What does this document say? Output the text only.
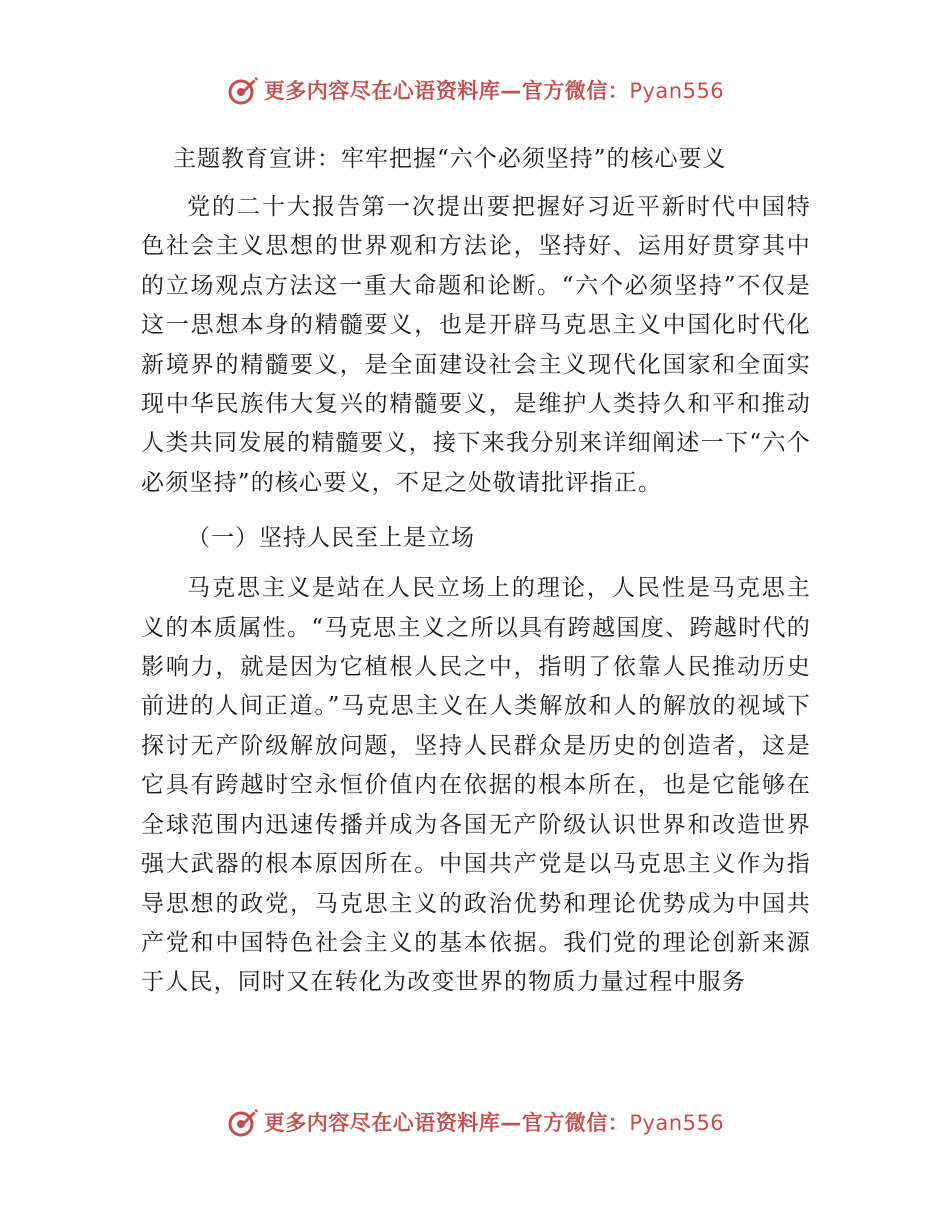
更多内容尽在心语资料库—官方微信：Pyan556
主题教育宣讲：牢牢把握“六个必须坚持”的核心要义

党的二十大报告第一次提出要把握好习近平新时代中国特色社会主义思想的世界观和方法论，坚持好、运用好贯穿其中的立场观点方法这一重大命题和论断。“六个必须坚持”不仅是这一思想本身的精髓要义，也是开辟马克思主义中国化时代化新境界的精髓要义，是全面建设社会主义现代化国家和全面实现中华民族伟大复兴的精髓要义，是维护人类持久和平和推动人类共同发展的精髓要义，接下来我分别来详细阐述一下“六个必须坚持”的核心要义，不足之处敬请批评指正。

（一）坚持人民至上是立场

马克思主义是站在人民立场上的理论，人民性是马克思主义的本质属性。“马克思主义之所以具有跨越国度、跨越时代的影响力，就是因为它植根人民之中，指明了依靠人民推动历史前进的人间正道。”马克思主义在人类解放和人的解放的视域下探讨无产阶级解放问题，坚持人民群众是历史的创造者，这是它具有跨越时空永恒价值内在依据的根本所在，也是它能够在全球范围内迅速传播并成为各国无产阶级认识世界和改造世界强大武器的根本原因所在。中国共产党是以马克思主义作为指导思想的政党，马克思主义的政治优势和理论优势成为中国共产党和中国特色社会主义的基本依据。我们党的理论创新来源于人民，同时又在转化为改变世界的物质力量过程中服务

更多内容尽在心语资料库—官方微信：Pyan556
